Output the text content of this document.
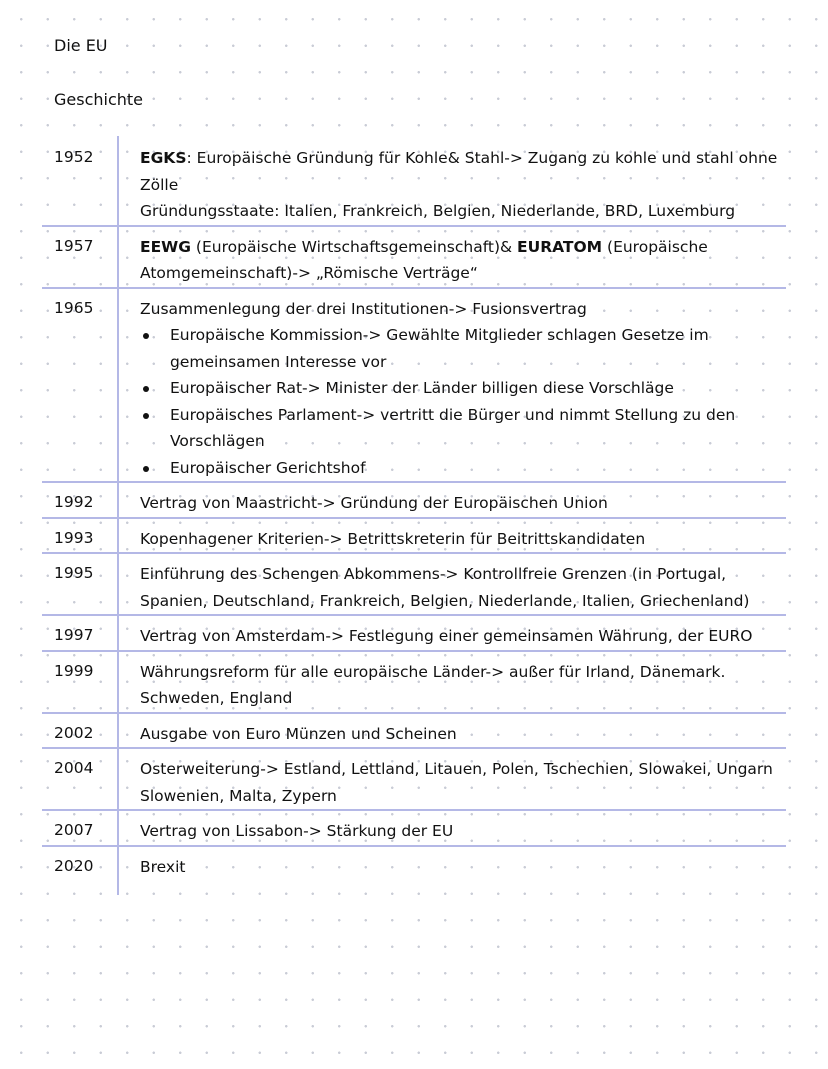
Die EU
Geschichte
1952	EGKS: Europäische Gründung für Kohle& Stahl-> Zugang zu kohle und stahl ohne Zölle
Gründungsstaate: Italien, Frankreich, Belgien, Niederlande, BRD, Luxemburg
1957	EEWG (Europäische Wirtschaftsgemeinschaft)& EURATOM (Europäische Atomgemeinschaft)-> „Römische Verträge“
1965	Zusammenlegung der drei Institutionen-> Fusionsvertrag
Europäische Kommission-> Gewählte Mitglieder schlagen Gesetze im gemeinsamen Interesse vor
Europäischer Rat-> Minister der Länder billigen diese Vorschläge
Europäisches Parlament-> vertritt die Bürger und nimmt Stellung zu den Vorschlägen
Europäischer Gerichtshof
1992	Vertrag von Maastricht-> Gründung der Europäischen Union
1993	Kopenhagener Kriterien-> Betrittskreterin für Beitrittskandidaten
1995	Einführung des Schengen Abkommens-> Kontrollfreie Grenzen (in Portugal, Spanien, Deutschland, Frankreich, Belgien, Niederlande, Italien, Griechenland)
1997	Vertrag von Amsterdam-> Festlegung einer gemeinsamen Währung, der EURO
1999	Währungsreform für alle europäische Länder-> außer für Irland, Dänemark. Schweden, England
2002	Ausgabe von Euro Münzen und Scheinen
2004	Osterweiterung-> Estland, Lettland, Litauen, Polen, Tschechien, Slowakei, Ungarn Slowenien, Malta, Zypern
2007	Vertrag von Lissabon-> Stärkung der EU
2020	Brexit
